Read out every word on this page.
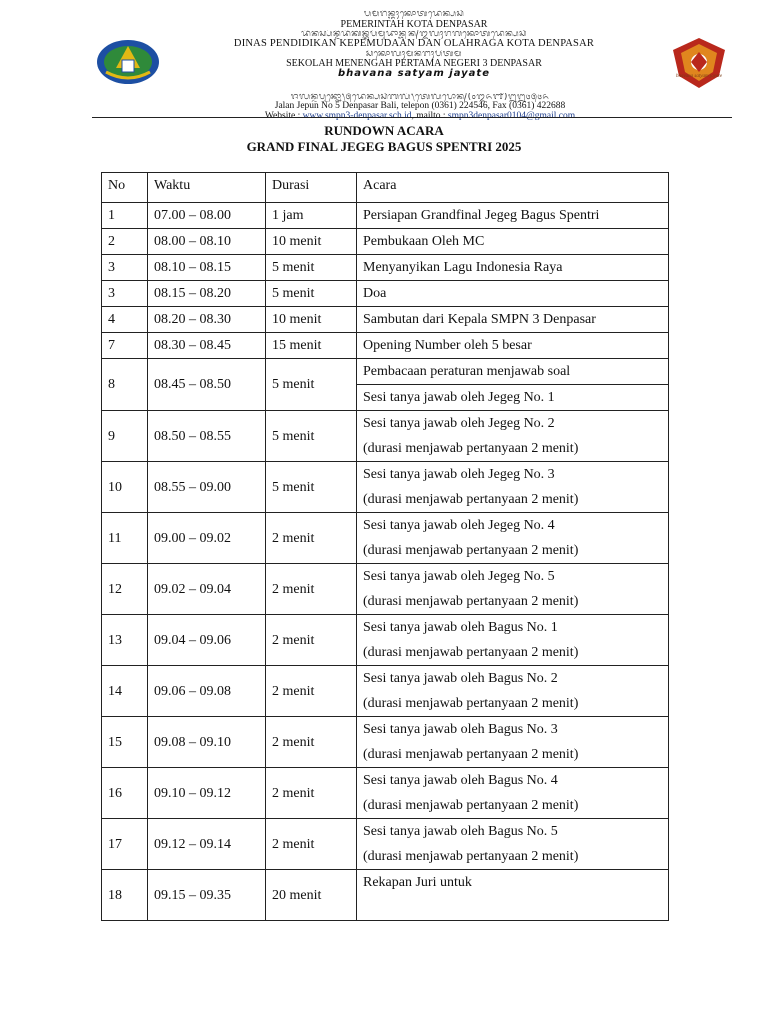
ᬧᬫᭂᬭᬶᬦ᭄ᬢᬄᬓᭀᬢᬤᬾᬦ᭄ᬧᬲᬃ
PEMERINTAH KOTA DENPASAR
ᬤᬶᬦᬲ᭄ᬧᭂᬦ᭄ᬤᬶᬤᬶᬓᬦ᭄ᬓᭂᬧᭂᬫᬸᬤᬵᬦ᭄ᬮᬦ᭄ᬑᬮᬄᬭᬕᬓᭀᬢᬤᬾᬦ᭄ᬧᬲᬃ
DINAS PENDIDIKAN KEPEMUDAAN DAN OLAHRAGA KOTA DENPASAR
ᬲᭂᬓᭀᬮᬄᬫᭂᬦᭂᬗᬄᬧᭂᬃᬢᬫ
SEKOLAH MENENGAH PERTAMA NEGERI 3 DENPASAR
bhavana satyam jayate	bhavana satyam jayate
ᬚᬮᬦ᭄ᬚᭂᬧᬸᬦ᭄ᬦᭀ᭞᭕ᬤᬾᬦ᭄ᬧᬲᬃᬩᬮᬶ᭞ᬢᬾᬮᭂᬧᭀᬦ᭄(᭐᭓᭖᭑)᭒᭒᭔᭕᭔᭖
Jalan Jepun No 5 Denpasar Bali, telepon (0361) 224546, Fax (0361) 422688
Website : www.smpn3-denpasar.sch.id, mailto : smpn3denpasar0104@gmail.com
RUNDOWN ACARA
GRAND FINAL JEGEG BAGUS SPENTRI 2025
No	Waktu	Durasi	Acara
1	07.00 – 08.00	1 jam	Persiapan Grandfinal Jegeg Bagus Spentri

2	08.00 – 08.10	10 menit	Pembukaan Oleh MC

3	08.10 – 08.15	5 menit	Menyanyikan Lagu Indonesia Raya

3	08.15 – 08.20	5 menit	Doa

4	08.20 – 08.30	10 menit	Sambutan dari Kepala SMPN 3 Denpasar

7	08.30 – 08.45	15 menit	Opening Number oleh 5 besar

8	08.45 – 08.50	5 menit	Pembacaan peraturan menjawab soal
			Sesi tanya jawab oleh Jegeg No. 1
9	08.50 – 08.55	5 menit	Sesi tanya jawab oleh Jegeg No. 2
(durasi menjawab pertanyaan 2 menit)

10	08.55 – 09.00	5 menit	Sesi tanya jawab oleh Jegeg No. 3
(durasi menjawab pertanyaan 2 menit)

11	09.00 – 09.02	2 menit	Sesi tanya jawab oleh Jegeg No. 4
(durasi menjawab pertanyaan 2 menit)

12	09.02 – 09.04	2 menit	Sesi tanya jawab oleh Jegeg No. 5
(durasi menjawab pertanyaan 2 menit)

13	09.04 – 09.06	2 menit	Sesi tanya jawab oleh Bagus No. 1
(durasi menjawab pertanyaan 2 menit)

14	09.06 – 09.08	2 menit	Sesi tanya jawab oleh Bagus No. 2
(durasi menjawab pertanyaan 2 menit)

15	09.08 – 09.10	2 menit	Sesi tanya jawab oleh Bagus No. 3
(durasi menjawab pertanyaan 2 menit)

16	09.10 – 09.12	2 menit	Sesi tanya jawab oleh Bagus No. 4
(durasi menjawab pertanyaan 2 menit)

17	09.12 – 09.14	2 menit	Sesi tanya jawab oleh Bagus No. 5
(durasi menjawab pertanyaan 2 menit)

18	09.15 – 09.35	20 menit	Rekapan Juri untuk
